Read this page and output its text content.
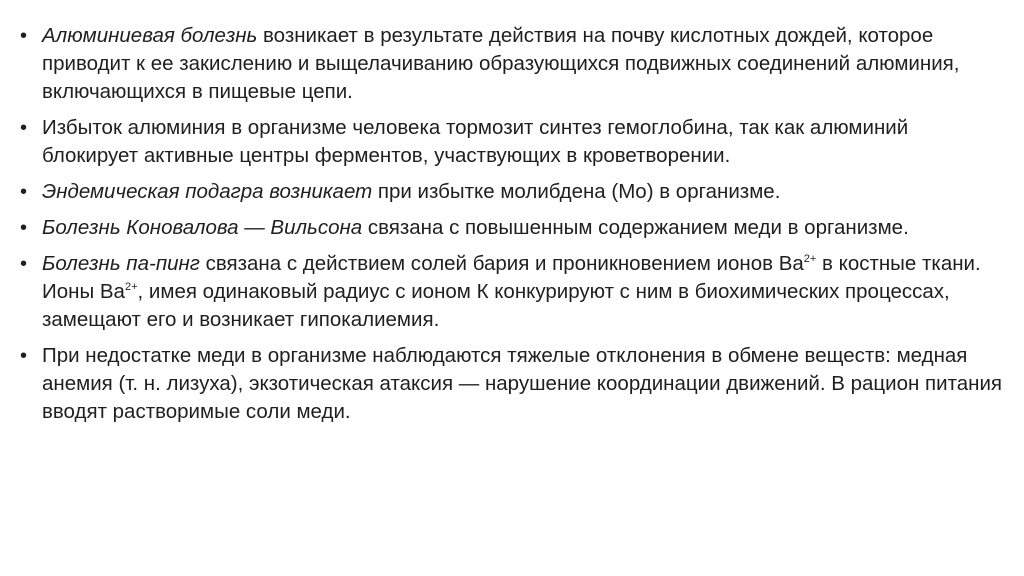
• Алюминиевая болезнь возникает в результате действия на почву кислотных дождей, которое приводит к ее закислению и выщелачиванию образующихся подвижных соединений алюминия, включающихся в пищевые цепи.
• Избыток алюминия в организме человека тормозит синтез гемоглобина, так как алюминий блокирует активные центры ферментов, участвующих в кроветворении.
• Эндемическая подагра возникает при избытке молибдена (Mo) в организме.
• Болезнь Коновалова — Вильсона связана с повышенным содержанием меди в организме.
• Болезнь па-пинг связана с действием солей бария и проникновением ионов $Ba^{2+}$ в костные ткани. Ионы $Ba^{2+}$, имея одинаковый радиус с ионом К конкурируют с ним в биохимических процессах, замещают его и возникает гипокалиемия.
• При недостатке меди в организме наблюдаются тяжелые отклонения в обмене веществ: медная анемия (т. н. лизуха), экзотическая атаксия — нарушение координации движений. В рацион питания вводят растворимые соли меди.
